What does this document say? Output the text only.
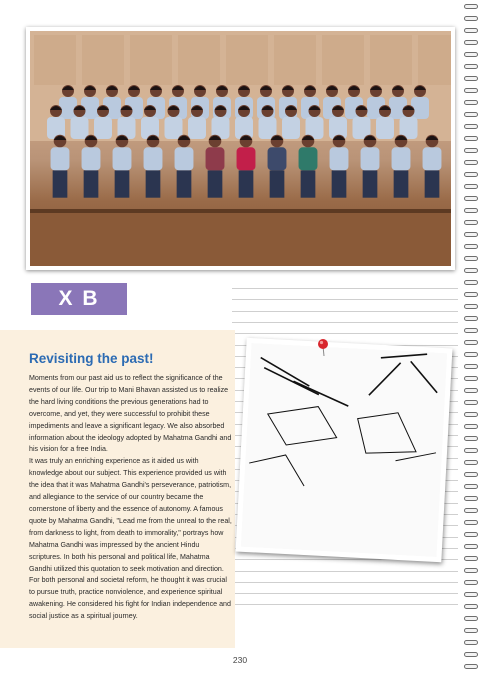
X B
Revisiting the past!

Moments from our past aid us to reflect the significance of the events of our life. Our trip to Mani Bhavan assisted us to realize the hard living conditions the previous generations had to overcome, and yet, they were successful to prohibit these impediments and leave a significant legacy. We also absorbed information about the ideology adopted by Mahatma Gandhi and his vision for a free India.

It was truly an enriching experience as it aided us with knowledge about our subject. This experience provided us with the idea that it was Mahatma Gandhi's perseverance, patriotism, and allegiance to the service of our country became the cornerstone of liberty and the essence of autonomy. A famous quote by Mahatma Gandhi, "Lead me from the unreal to the real, from darkness to light, from death to immorality," portrays how Mahatma Gandhi was impressed by the ancient Hindu scriptures. In both his personal and political life, Mahatma Gandhi utilized this quotation to seek motivation and direction. For both personal and societal reform, he thought it was crucial to pursue truth, practice nonviolence, and experience spiritual awakening. He considered his fight for Indian independence and social justice as a spiritual journey.

230
